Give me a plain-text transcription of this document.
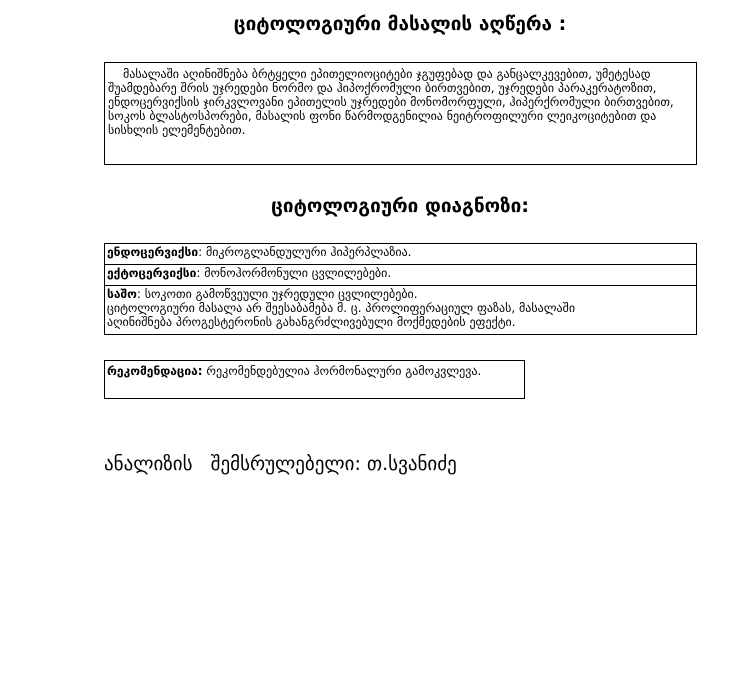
ციტოლოგიური მასალის აღწერა :

მასალაში აღინიშნება ბრტყელი ეპითელიოციტები ჯგუფებად და განცალკევებით, უმეტესად შუამდებარე შრის უჯრედები ნორმო და ჰიპოქრომული ბირთვებით, უჯრედები პარაკერატოზით, ენდოცერვიქსის ჯირკვლოვანი ეპითელის უჯრედები მონომორფული, ჰიპერქრომული ბირთვებით, სოკოს ბლასტოსპორები, მასალის ფონი წარმოდგენილია ნეიტროფილური ლეიკოციტებით და სისხლის ელემენტებით.

ციტოლოგიური დიაგნოზი:
ენდოცერვიქსი: მიკროგლანდულური ჰიპერპლაზია.
ექტოცერვიქსი: მონოჰორმონული ცვლილებები.
საშო: სოკოთი გამოწვეული უჯრედული ცვლილებები.
ციტოლოგიური მასალა არ შეესაბამება მ. ც. პროლიფერაციულ ფაზას, მასალაში
აღინიშნება პროგესტერონის გახანგრძლივებული მოქმედების ეფექტი.
რეკომენდაცია: რეკომენდებულია ჰორმონალური გამოკვლევა.

ანალიზის   შემსრულებელი: თ.სვანიძე
